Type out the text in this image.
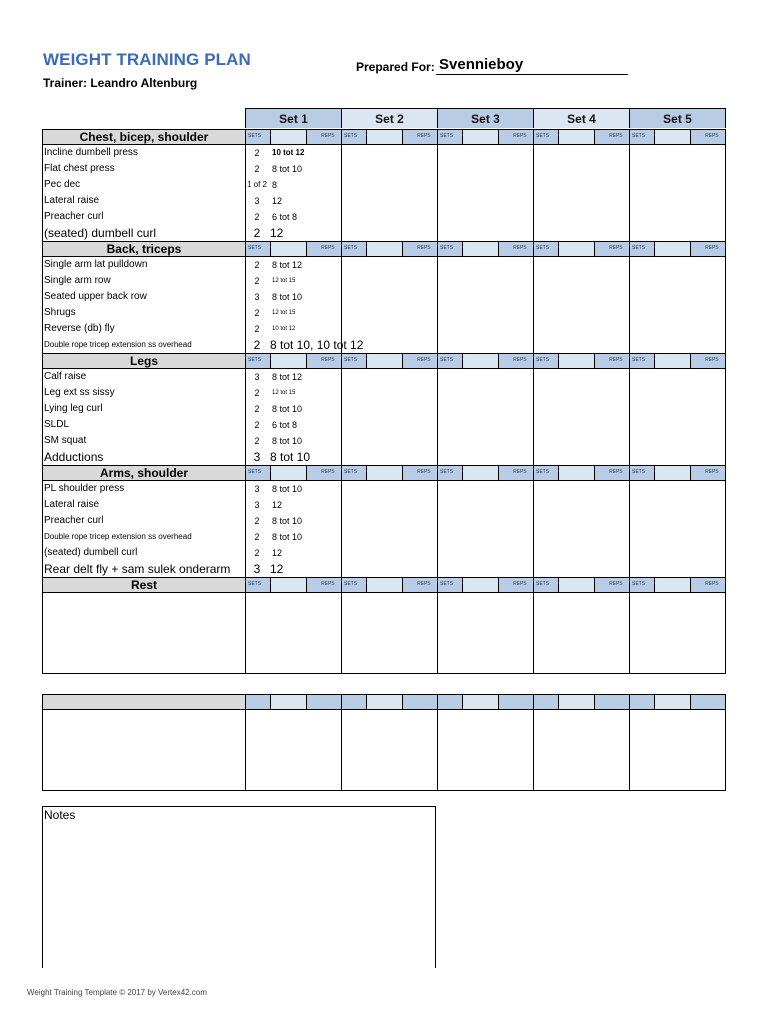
WEIGHT TRAINING PLAN
Trainer: Leandro Altenburg
Prepared For: Svennieboy
Set 1	Set 2	Set 3	Set 4	Set 5
Chest, bicep, shoulder	SETS	REPS SETS	REPS SETS	REPS SETS	REPS SETS	REPS
Incline dumbell press	2	10 tot 12
Flat chest press	2	8 tot 10
Pec dec	1 of 2 8
Lateral raise	3	12
Preacher curl	2	6 tot 8
(seated) dumbell curl	2 12
Back, triceps	SETS	REPS SETS	REPS SETS	REPS SETS	REPS SETS	REPS
Single arm lat pulldown	2	8 tot 12
Single arm row	2	12 tot 15
Seated upper back row	3	8 tot 10
Shrugs	2	12 tot 15
Reverse (db) fly	2	10 tot 12
Double rope tricep extension ss overhead	2 8 tot 10, 10 tot 12
Legs	SETS	REPS SETS	REPS SETS	REPS SETS	REPS SETS	REPS
Calf raise	3	8 tot 12
Leg ext ss sissy	2	12 tot 15
Lying leg curl	2	8 tot 10
SLDL	2	6 tot 8
SM squat	2	8 tot 10
Adductions	3 8 tot 10
Arms, shoulder	SETS	REPS SETS	REPS SETS	REPS SETS	REPS SETS	REPS
PL shoulder press	3	8 tot 10
Lateral raise	3	12
Preacher curl	2	8 tot 10
Double rope tricep extension ss overhead	2	8 tot 10
(seated) dumbell curl	2	12
Rear delt fly + sam sulek onderarm	3 12
Rest	SETS	REPS SETS	REPS SETS	REPS SETS	REPS SETS	REPS
Notes
Weight Training Template © 2017 by Vertex42.com
